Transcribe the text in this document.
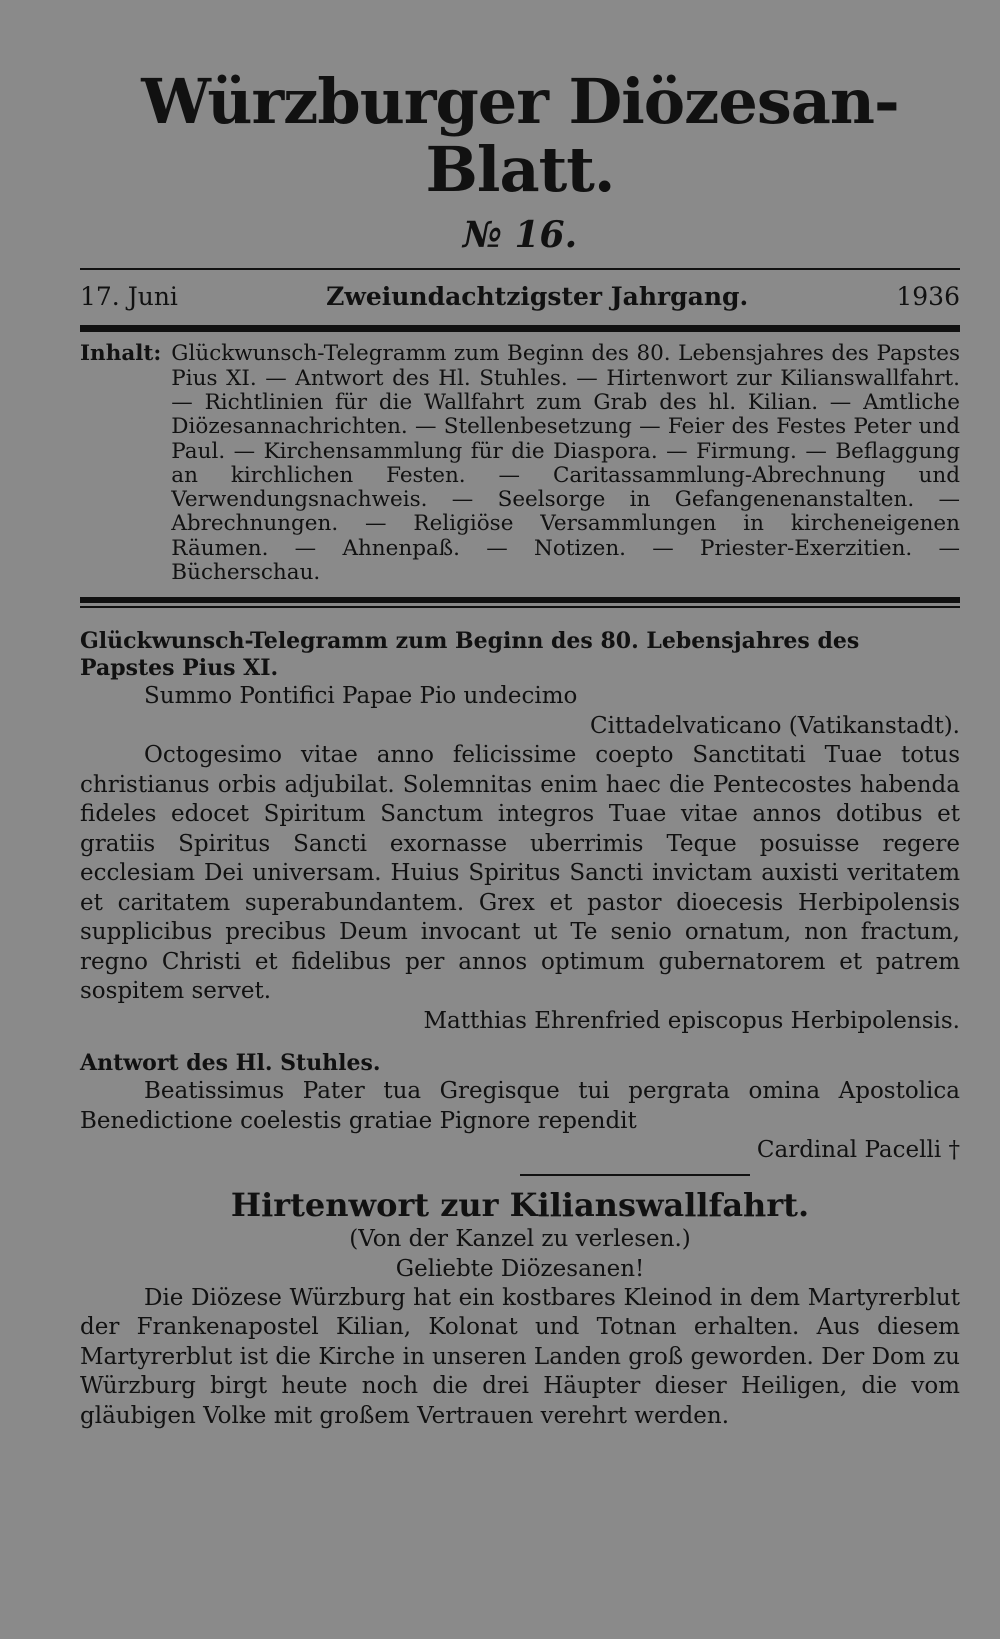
Würzburger Diözesan-Blatt.
№ 16.
17. Juni	Zweiundachtzigster Jahrgang.	1936
Inhalt: Glückwunsch-Telegramm zum Beginn des 80. Lebensjahres des Papstes Pius XI. — Antwort des Hl. Stuhles. — Hirtenwort zur Kilianswallfahrt. — Richtlinien für die Wallfahrt zum Grab des hl. Kilian. — Amtliche Diözesannachrichten. — Stellenbesetzung — Feier des Festes Peter und Paul. — Kirchensammlung für die Diaspora. — Firmung. — Beflaggung an kirchlichen Festen. — Caritassammlung-Abrechnung und Verwendungsnachweis. — Seelsorge in Gefangenenanstalten. — Abrechnungen. — Religiöse Versammlungen in kircheneigenen Räumen. — Ahnenpaß. — Notizen. — Priester-Exerzitien. — Bücherschau.
Glückwunsch-Telegramm zum Beginn des 80. Lebensjahres des Papstes Pius XI.

Summo Pontifici Papae Pio undecimo

Cittadelvaticano (Vatikanstadt).

Octogesimo vitae anno felicissime coepto Sanctitati Tuae totus christianus orbis adjubilat. Solemnitas enim haec die Pentecostes habenda fideles edocet Spiritum Sanctum integros Tuae vitae annos dotibus et gratiis Spiritus Sancti exornasse uberrimis Teque posuisse regere ecclesiam Dei universam. Huius Spiritus Sancti invictam auxisti veritatem et caritatem superabundantem. Grex et pastor dioecesis Herbipolensis supplicibus precibus Deum invocant ut Te senio ornatum, non fractum, regno Christi et fidelibus per annos optimum gubernatorem et patrem sospitem servet.

Matthias Ehrenfried episcopus Herbipolensis.

Antwort des Hl. Stuhles.

Beatissimus Pater tua Gregisque tui pergrata omina Apostolica Benedictione coelestis gratiae Pignore rependit

Cardinal Pacelli †

Hirtenwort zur Kilianswallfahrt.
(Von der Kanzel zu verlesen.)
Geliebte Diözesanen!

Die Diözese Würzburg hat ein kostbares Kleinod in dem Martyrerblut der Frankenapostel Kilian, Kolonat und Totnan erhalten. Aus diesem Martyrerblut ist die Kirche in unseren Landen groß geworden. Der Dom zu Würzburg birgt heute noch die drei Häupter dieser Heiligen, die vom gläubigen Volke mit großem Vertrauen verehrt werden.
